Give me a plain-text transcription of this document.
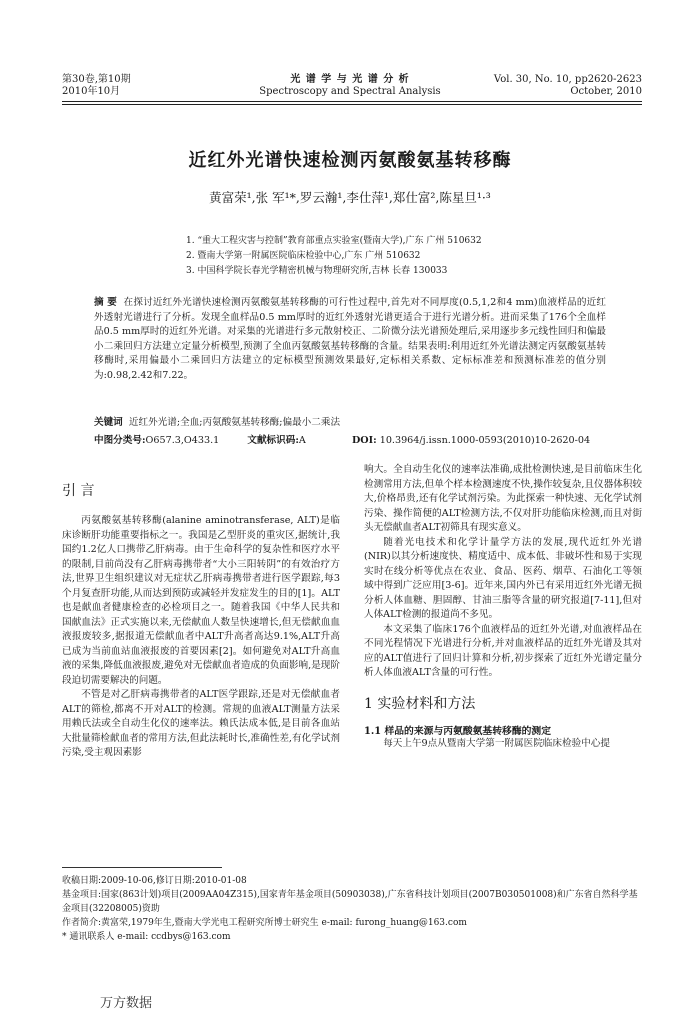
第30卷,第10期
2010年10月
光 谱 学 与 光 谱 分 析
Spectroscopy and Spectral Analysis
Vol. 30, No. 10, pp2620-2623
October, 2010
近红外光谱快速检测丙氨酸氨基转移酶
黄富荣¹,张 军¹*,罗云瀚¹,李仕萍¹,郑仕富²,陈星旦¹·³
1. “重大工程灾害与控制”教育部重点实验室(暨南大学),广东 广州 510632
2. 暨南大学第一附属医院临床检验中心,广东 广州 510632
3. 中国科学院长春光学精密机械与物理研究所,吉林 长春 130033
摘 要 在探讨近红外光谱快速检测丙氨酸氨基转移酶的可行性过程中,首先对不同厚度(0.5,1,2和4 mm)血液样品的近红外透射光谱进行了分析。发现全血样品0.5 mm厚时的近红外透射光谱更适合于进行光谱分析。进而采集了176个全血样品0.5 mm厚时的近红外光谱。对采集的光谱进行多元散射校正、二阶微分法光谱预处理后,采用逐步多元线性回归和偏最小二乘回归方法建立定量分析模型,预测了全血丙氨酸氨基转移酶的含量。结果表明:利用近红外光谱法测定丙氨酸氨基转移酶时,采用偏最小二乘回归方法建立的定标模型预测效果最好,定标相关系数、定标标准差和预测标准差的值分别为:0.98,2.42和7.22。
关键词 近红外光谱;全血;丙氨酸氨基转移酶;偏最小二乘法
中图分类号:O657.3,O433.1	文献标识码:A	DOI: 10.3964/j.issn.1000-0593(2010)10-2620-04
引 言
丙氨酸氨基转移酶(alanine aminotransferase, ALT)是临床诊断肝功能重要指标之一。我国是乙型肝炎的重灾区,据统计,我国约1.2亿人口携带乙肝病毒。由于生命科学的复杂性和医疗水平的限制,目前尚没有乙肝病毒携带者“大小三阳转阴”的有效治疗方法,世界卫生组织建议对无症状乙肝病毒携带者进行医学跟踪,每3个月复查肝功能,从而达到预防或减轻并发症发生的目的[1]。ALT也是献血者健康检查的必检项目之一。随着我国《中华人民共和国献血法》正式实施以来,无偿献血人数呈快速增长,但无偿献血血液报废较多,据报道无偿献血者中ALT升高者高达9.1%,ALT升高已成为当前血站血液报废的首要因素[2]。如何避免对ALT升高血液的采集,降低血液报废,避免对无偿献血者造成的负面影响,是现阶段迫切需要解决的问题。
不管是对乙肝病毒携带者的ALT医学跟踪,还是对无偿献血者ALT的筛检,都离不开对ALT的检测。常规的血液ALT测量方法采用赖氏法或全自动生化仪的速率法。赖氏法成本低,是目前各血站大批量筛检献血者的常用方法,但此法耗时长,准确性差,有化学试剂污染,受主观因素影
响大。全自动生化仪的速率法准确,成批检测快速,是目前临床生化检测常用方法,但单个样本检测速度不快,操作较复杂,且仪器体积较大,价格昂贵,还有化学试剂污染。为此探索一种快速、无化学试剂污染、操作简便的ALT检测方法,不仅对肝功能临床检测,而且对街头无偿献血者ALT初筛具有现实意义。
随着光电技术和化学计量学方法的发展,现代近红外光谱(NIR)以其分析速度快、精度适中、成本低、非破坏性和易于实现实时在线分析等优点在农业、食品、医药、烟草、石油化工等领域中得到广泛应用[3-6]。近年来,国内外已有采用近红外光谱无损分析人体血糖、胆固醇、甘油三脂等含量的研究报道[7-11],但对人体ALT检测的报道尚不多见。
本文采集了临床176个血液样品的近红外光谱,对血液样品在不同光程情况下光谱进行分析,并对血液样品的近红外光谱及其对应的ALT值进行了回归计算和分析,初步探索了近红外光谱定量分析人体血液ALT含量的可行性。
1 实验材料和方法
1.1 样品的来源与丙氨酸氨基转移酶的测定
每天上午9点从暨南大学第一附属医院临床检验中心提
收稿日期:2009-10-06,修订日期:2010-01-08
基金项目:国家(863计划)项目(2009AA04Z315),国家青年基金项目(50903038),广东省科技计划项目(2007B030501008)和广东省自然科学基金项目(32208005)资助
作者简介:黄富荣,1979年生,暨南大学光电工程研究所博士研究生 e-mail: furong_huang@163.com
* 通讯联系人 e-mail: ccdbys@163.com
万方数据
